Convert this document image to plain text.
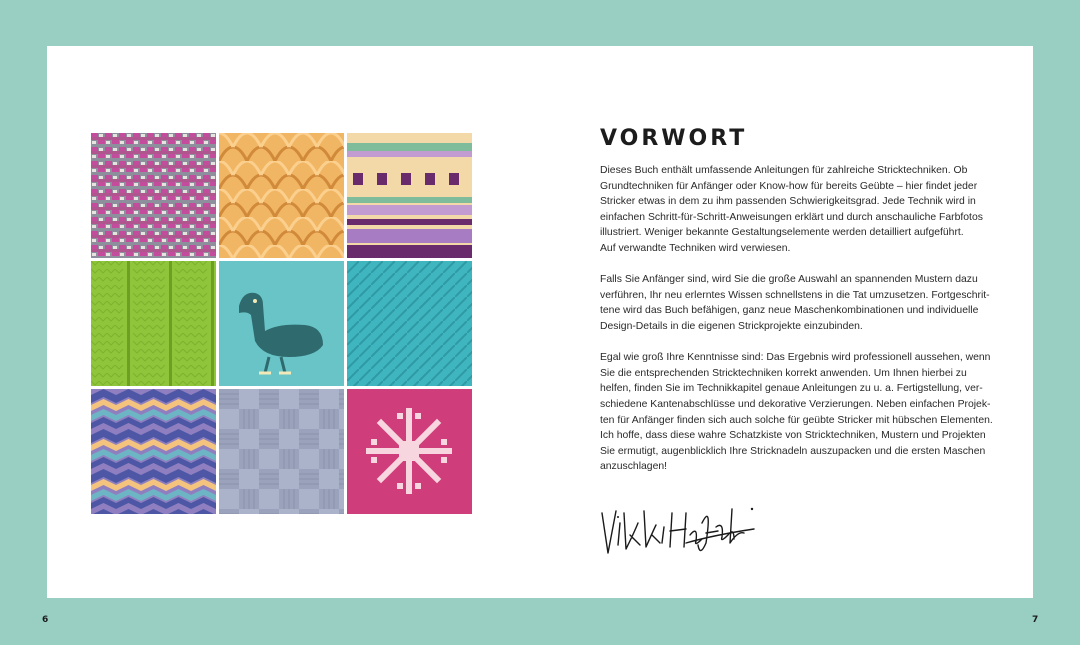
VORWORT
Dieses Buch enthält umfassende Anleitungen für zahlreiche Stricktechniken. Ob
Grundtechniken für Anfänger oder Know-how für bereits Geübte – hier findet jeder
Stricker etwas in dem zu ihm passenden Schwierigkeitsgrad. Jede Technik wird in
einfachen Schritt-für-Schritt-Anweisungen erklärt und durch anschauliche Farbfotos
illustriert. Weniger bekannte Gestaltungselemente werden detailliert aufgeführt.
Auf verwandte Techniken wird verwiesen.
Falls Sie Anfänger sind, wird Sie die große Auswahl an spannenden Mustern dazu
verführen, Ihr neu erlerntes Wissen schnellstens in die Tat umzusetzen. Fortgeschrit-
tene wird das Buch befähigen, ganz neue Maschenkombinationen und individuelle
Design-Details in die eigenen Strickprojekte einzubinden.
Egal wie groß Ihre Kenntnisse sind: Das Ergebnis wird professionell aussehen, wenn
Sie die entsprechenden Stricktechniken korrekt anwenden. Um Ihnen hierbei zu
helfen, finden Sie im Technikkapitel genaue Anleitungen zu u. a. Fertigstellung, ver-
schiedene Kantenabschlüsse und dekorative Verzierungen. Neben einfachen Projek-
ten für Anfänger finden sich auch solche für geübte Stricker mit hübschen Elementen.
Ich hoffe, dass diese wahre Schatzkiste von Stricktechniken, Mustern und Projekten
Sie ermutigt, augenblicklich Ihre Stricknadeln auszupacken und die ersten Maschen
anzuschlagen!
6	7
